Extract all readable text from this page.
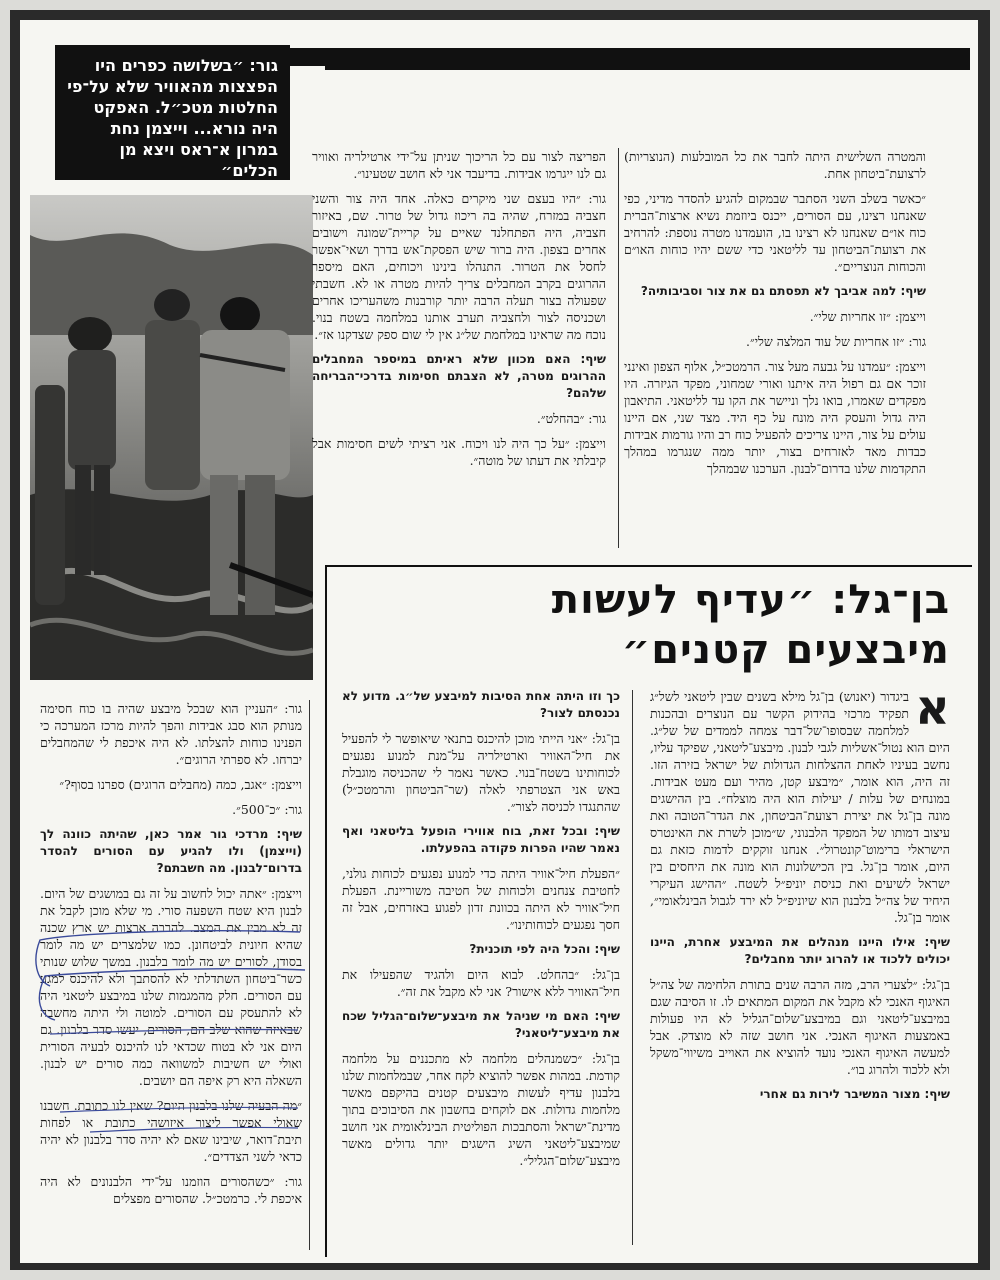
גור: ״בשלושה כפרים היו הפצצות מהאוויר שלא על־פי החלטות מטכ״ל. האפקט היה נורא... וייצמן נחת במרון א־ראס ויצא מן הכלים״

והמטרה השלישית היתה לחבר את כל המובלעות (הנוצריות) לרצועת־ביטחון אחת.

״כאשר בשלב השני הסתבר שבמקום להגיע להסדר מדיני, כפי שאנחנו רצינו, עם הסורים, ייכנס ביוזמת נשיא ארצות־הברית כוח או״ם שאנחנו לא רצינו בו, הועמדנו מטרה נוספת: להרחיב את רצועת־הביטחון עד לליטאני כדי ששם יהיו כוחות האו״ם והכוחות הנוצריים״.

שיף: למה אביבך לא תפסתם גם את צור וסביבותיה?

וייצמן: ״זו אחריות שלי״.

גור: ״זו אחריות של עוד המלצה שלי״.

וייצמן: ״עמדנו על גבעה מעל צור. הרמטכ״ל, אלוף הצפון ואינני זוכר אם גם רפול היה איתנו ואורי שמחוני, מפקד הגיזרה. היו מפקדים שאמרו, בואו נלך וניישר את הקו עד לליטאני. התיאבון היה גדול והעסק היה מונח על כף היד. מצד שני, אם היינו עולים על צור, היינו צריכים להפעיל כוח רב והיו גורמות אבידות כבדות מאד לאזרחים בצור, יותר ממה שנגרמו במהלך התקדמות שלנו בדרום־לבנון. הערכנו שבמהלך

הפריצה לצור עם כל הריכוך שניתן על־ידי ארטילריה ואוויר גם לנו ייגרמו אבידות. בדיעבד אני לא חושב שטעינו״.

גור: ״היו בעצם שני מיקרים כאלה. אחד היה צור והשני חצביה במזרח, שהיה בה ריכוז גדול של טרור. שם, באיזור חצביה, היה הפתחלנד שאיים על קריית־שמונה וישובים אחרים בצפון. היה ברור שיש הפסקת־אש בדרך ושאי־אפשר לחסל את הטרור. התנהלו בינינו ויכוחים, האם מיספר ההרוגים בקרב המחבלים צריך להיות מטרה או לא. חשבתי שפעולה בצור תעלה הרבה יותר קורבנות משהעריכו אחרים ושכניסה לצור ולחצביה תערב אותנו במלחמה בשטח בנוי. נוכח מה שראינו במלחמת של״ג אין לי שום ספק שצדקנו אז״.

שיף: האם מכוון שלא ראיתם במיספר המחבלים ההרוגים מטרה, לא הצבתם חסימות בדרכי־הבריחה שלהם?

גור: ״בהחלט״.

וייצמן: ״על כך היה לנו ויכוח. אני רציתי לשים חסימות אבל קיבלתי את דעתו של מוטה״.

גור: ״העניין הוא שבכל מיבצע שהיה בו כוח חסימה מנותק הוא סבג אבידות והפך להיות מרכז המערכה כי הפנינו כוחות להצלתו. לא היה איכפת לי שהמחבלים יברחו. לא ספרתי הרוגים״.

וייצמן: ״אגב, כמה (מחבלים הרוגים) ספרנו בסוף?״

גור: ״כ־500״.

שיף: מרדכי גור אמר כאן, שהיתה כוונה לך (וייצמן) ולו להגיע עם הסורים להסדר בדרום־לבנון. מה חשבתם?

וייצמן: ״אתה יכול לחשוב על זה גם במושגים של היום. לבנון היא שטח השפעה סורי. מי שלא מוכן לקבל את זה לא מבין את המצב. להרבה ארצות יש ארץ שכנה שהיא חיונית לביטחונן. כמו שלמצרים יש מה לומר בסודן, לסורים יש מה לומר בלבנון. במשך שלוש שנותי כשר־ביטחון השתדלתי לא להסתבך ולא להיכנס למגע עם הסורים. חלק מהמגמות שלנו במיבצע ליטאני היה לא להתעסק עם הסורים. למוטה ולי היתה מחשבה שבאיזה שהוא שלב הם, הסורים, יעשו סדר בלבנון. גם היום אני לא בטוח שכדאי לנו להיכנס לבעיה הסורית ואולי יש חשיבות למשוואה כמה סורים יש לבנון. השאלה היא רק איפה הם יושבים.

״מה הבעיה שלנו בלבנון היום? שאין לנו כתובת. חשבנו שאולי אפשר ליצור איזושהי כתובת או לפחות תיבת־דואר, שיבינו שאם לא יהיה סדר בלבנון לא יהיה כדאי לשני הצדדים״.

גור: ״כשהסורים הוזמנו על־ידי הלבנונים לא היה איכפת לי. כרמטכ״ל. שהסורים מפצלים

בן־גל: ״עדיף לעשות
מיבצעים קטנים״

א
ביגדור (יאנוש) בן־גל מילא בשנים שבין ליטאני לשל״ג תפקיד מרכזי בהידוק הקשר עם הנוצרים ובהכנות למלחמה שבסופו־של־דבר צמחה לממדים של של״ג. היום הוא נטול־אשליות לגבי לבנון. מיבצע־ליטאני, שפיקד עליו, נחשב בעיניו לאחת ההצלחות הגדולות של ישראל בזירה הזו. זה היה, הוא אומר, ״מיבצע קטן, מהיר ועם מעט אבידות. במונחים של עלות / יעילות הוא היה מוצלח״. בין ההישגים מונה בן־גל את יצירת רצועת־הביטחון, את הגדר־הטובה ואת עיצוב דמותו של המפקד הלבנוני, ש״מוכן לשרת את האינטרס הישראלי ברימוט־קונטרול״. אנחנו זוקקים לדמות כזאת גם היום, אומר בן־גל. בין הכישלונות הוא מונה את היחסים בין ישראל לשיעים ואת כניסת יוניפ״ל לשטח. ״ההישג העיקרי היחיד של צה״ל בלבנון הוא שיוניפ״ל לא ירד לגבול הבינלאומי״, אומר בן־גל.

שיף: אילו היינו מנהלים את המיבצע אחרת, היינו יכולים ללכוד או להרוג יותר מחבלים?

בן־גל: ״לצערי הרב, מזה הרבה שנים בתורת הלחימה של צה״ל האיגוף האנכי לא מקבל את המקום המתאים לו. זו הסיבה שגם במיבצע־ליטאני וגם במיבצע־שלום־הגליל לא היו פעולות באמצעות האיגוף האנכי. אני חושב שזה לא מוצדק. אבל למעשה האיגוף האנכי נועד להוציא את האוייב משיווי־משקל ולא ללכוד ולהרוג בו״.

שיף: מצור המשיבר לירות גם אחרי

כך וזו היתה אחת הסיבות למיבצע של״ג. מדוע לא נכנסתם לצור?

בן־גל: ״אני הייתי מוכן להיכנס בתנאי שיאופשר לי להפעיל את חיל־האוויר וארטילריה על־מנת למנוע נפגעים לכוחותינו בשטח־בנוי. כאשר נאמר לי שהכניסה מוגבלת באש אני הצטרפתי לאלה (שר־הביטחון והרמטכ״ל) שהתנגדו לכניסה לצור״.

שיף: ובכל זאת, בוח אווירי הופעל בליטאני ואף נאמר שהיו הפרות פקודה בהפעלתו.

״הפעלת חיל־אוויר היתה כדי למנוע נפגעים לכוחות גולני, לחטיבת צנחנים ולכוחות של חטיבה משוריינת. הפעלת חיל־אוויר לא היתה בכוונת זדון לפגוע באזרחים, אבל זה חסך נפגעים לכוחותינו״.

שיף: והכל היה לפי תוכנית?

בן־גל: ״בהחלט. לבוא היום ולהגיד שהפעילו את חיל־האוויר ללא אישור? אני לא מקבל את זה״.

שיף: האם מי שניהל את מיבצע־שלום־הגליל שכח את מיבצע־ליטאני?

בן־גל: ״כשמנהלים מלחמה לא מתכננים על מלחמה קודמת. במהות אפשר להוציא לקח אחר, שבמלחמות שלנו בלבנון עדיף לעשות מיבצעים קטנים בהיקפם מאשר מלחמות גדולות. אם לוקחים בחשבון את הסיבוכים בתוך מדינת־ישראל והסתבכות הפוליטית הבינלאומית אני חושב שמיבצע־ליטאני השיג הישגים יותר גדולים מאשר מיבצע־שלום־הגליל״.
